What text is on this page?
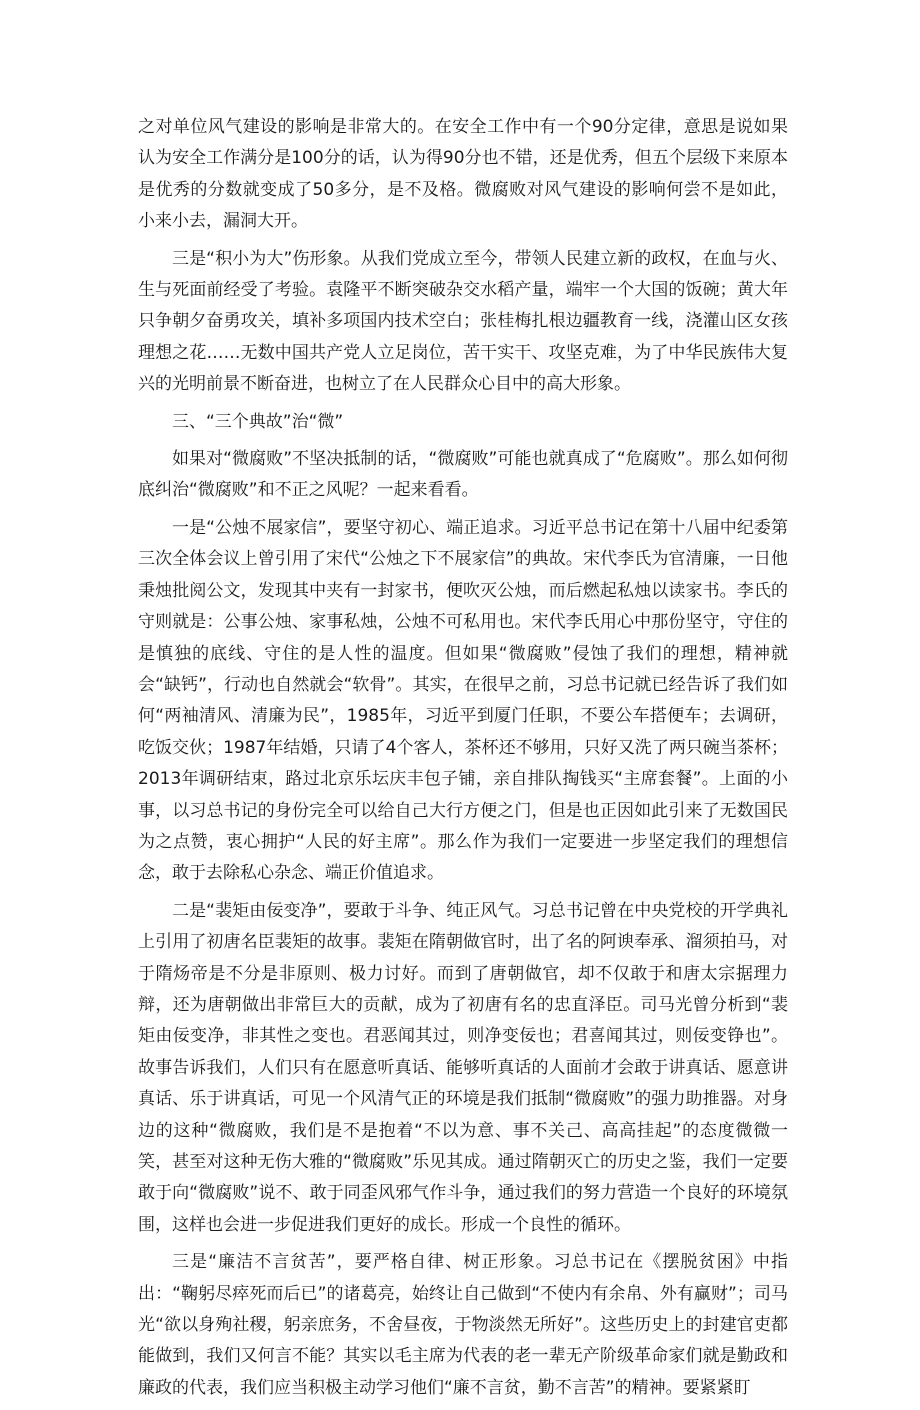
之对单位风气建设的影响是非常大的。在安全工作中有一个90分定律，意思是说如果认为安全工作满分是100分的话，认为得90分也不错，还是优秀，但五个层级下来原本是优秀的分数就变成了50多分，是不及格。微腐败对风气建设的影响何尝不是如此，小来小去，漏洞大开。

三是“积小为大”伤形象。从我们党成立至今，带领人民建立新的政权，在血与火、生与死面前经受了考验。袁隆平不断突破杂交水稻产量，端牢一个大国的饭碗；黄大年只争朝夕奋勇攻关，填补多项国内技术空白；张桂梅扎根边疆教育一线，浇灌山区女孩理想之花……无数中国共产党人立足岗位，苦干实干、攻坚克难，为了中华民族伟大复兴的光明前景不断奋进，也树立了在人民群众心目中的高大形象。

三、“三个典故”治“微”

如果对“微腐败”不坚决抵制的话，“微腐败”可能也就真成了“危腐败”。那么如何彻底纠治“微腐败”和不正之风呢？一起来看看。

一是“公烛不展家信”，要坚守初心、端正追求。习近平总书记在第十八届中纪委第三次全体会议上曾引用了宋代“公烛之下不展家信”的典故。宋代李氏为官清廉，一日他秉烛批阅公文，发现其中夹有一封家书，便吹灭公烛，而后燃起私烛以读家书。李氏的守则就是：公事公烛、家事私烛，公烛不可私用也。宋代李氏用心中那份坚守，守住的是慎独的底线、守住的是人性的温度。但如果“微腐败”侵蚀了我们的理想，精神就会“缺钙”，行动也自然就会“软骨”。其实，在很早之前，习总书记就已经告诉了我们如何“两袖清风、清廉为民”，1985年，习近平到厦门任职，不要公车搭便车；去调研，吃饭交伙；1987年结婚，只请了4个客人，茶杯还不够用，只好又洗了两只碗当茶杯；2013年调研结束，路过北京乐坛庆丰包子铺，亲自排队掏钱买“主席套餐”。上面的小事，以习总书记的身份完全可以给自己大行方便之门，但是也正因如此引来了无数国民为之点赞，衷心拥护“人民的好主席”。那么作为我们一定要进一步坚定我们的理想信念，敢于去除私心杂念、端正价值追求。

二是“裴矩由佞变净”，要敢于斗争、纯正风气。习总书记曾在中央党校的开学典礼上引用了初唐名臣裴矩的故事。裴矩在隋朝做官时，出了名的阿谀奉承、溜须拍马，对于隋炀帝是不分是非原则、极力讨好。而到了唐朝做官，却不仅敢于和唐太宗据理力辩，还为唐朝做出非常巨大的贡献，成为了初唐有名的忠直泽臣。司马光曾分析到“裴矩由佞变净，非其性之变也。君恶闻其过，则净变佞也；君喜闻其过，则佞变铮也”。故事告诉我们，人们只有在愿意听真话、能够听真话的人面前才会敢于讲真话、愿意讲真话、乐于讲真话，可见一个风清气正的环境是我们抵制“微腐败”的强力助推器。对身边的这种“微腐败，我们是不是抱着“不以为意、事不关己、高高挂起”的态度微微一笑，甚至对这种无伤大雅的“微腐败”乐见其成。通过隋朝灭亡的历史之鉴，我们一定要敢于向“微腐败”说不、敢于同歪风邪气作斗争，通过我们的努力营造一个良好的环境氛围，这样也会进一步促进我们更好的成长。形成一个良性的循环。

三是“廉洁不言贫苦”，要严格自律、树正形象。习总书记在《摆脱贫困》中指出：“鞠躬尽瘁死而后已”的诸葛亮，始终让自己做到“不使内有余帛、外有赢财”；司马光“欲以身殉社稷，躬亲庶务，不舍昼夜，于物淡然无所好”。这些历史上的封建官吏都能做到，我们又何言不能？其实以毛主席为代表的老一辈无产阶级革命家们就是勤政和廉政的代表，我们应当积极主动学习他们“廉不言贫，勤不言苦”的精神。要紧紧盯
